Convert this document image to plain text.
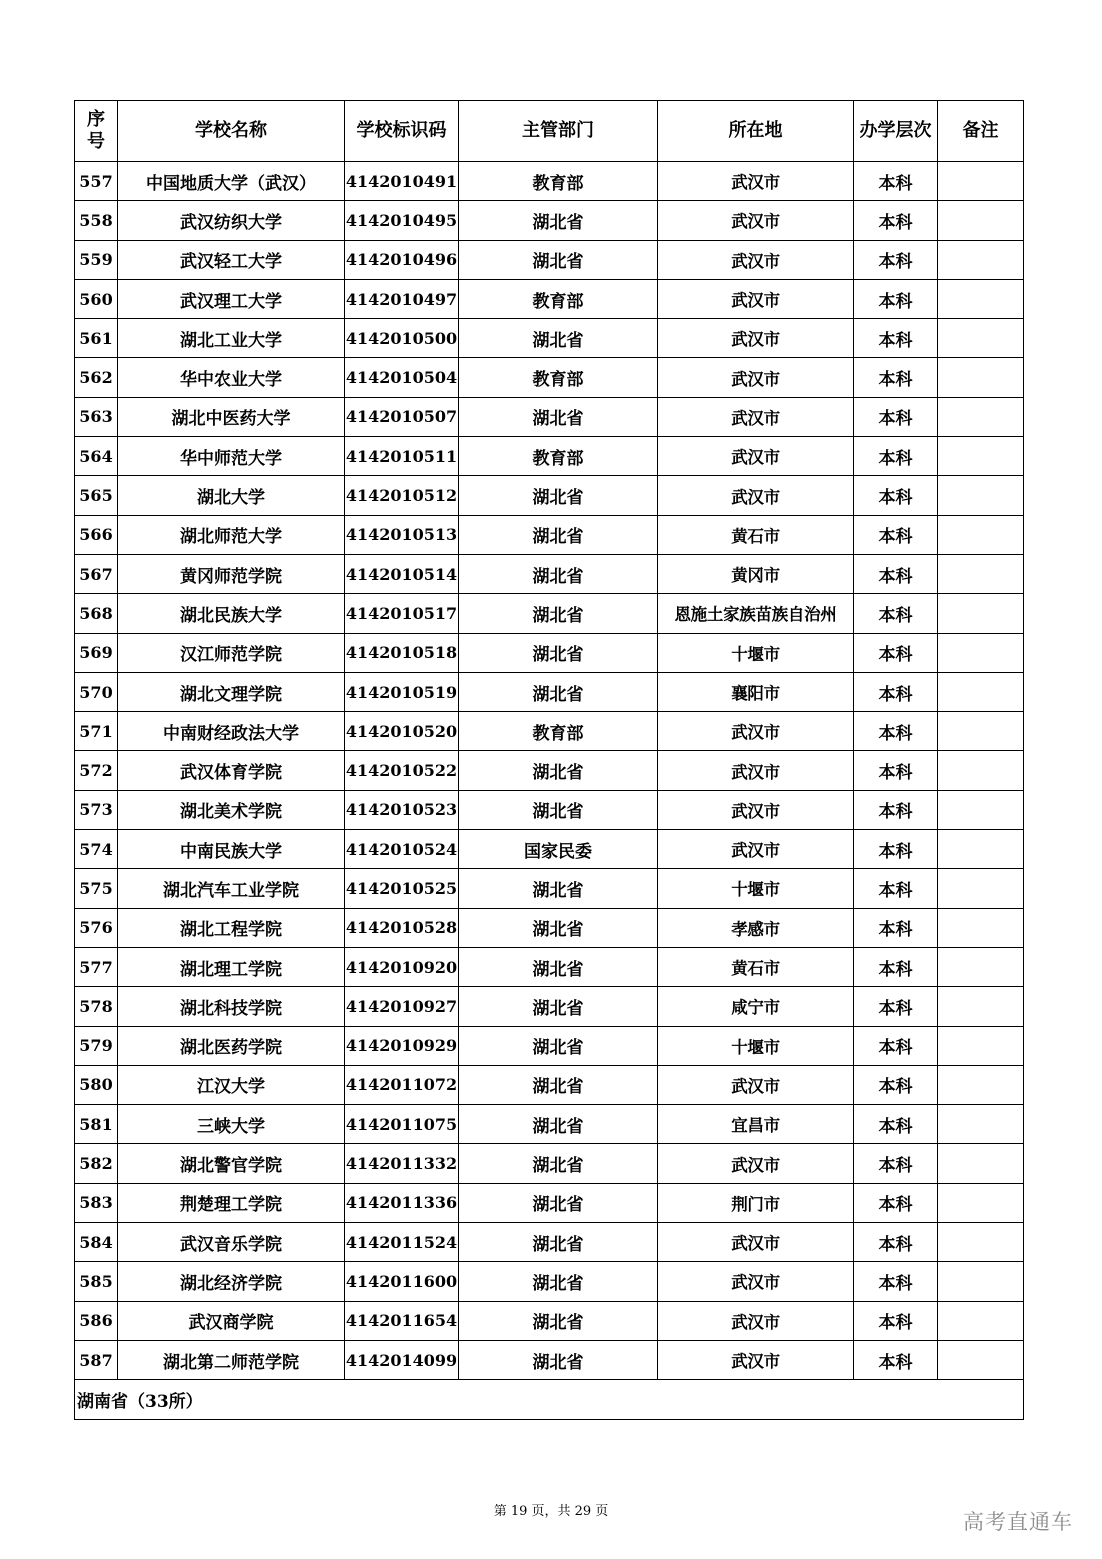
序
号	学校名称	学校标识码	主管部门	所在地	办学层次	备注
557	中国地质大学（武汉）	4142010491	教育部	武汉市	本科	
558	武汉纺织大学	4142010495	湖北省	武汉市	本科	
559	武汉轻工大学	4142010496	湖北省	武汉市	本科	
560	武汉理工大学	4142010497	教育部	武汉市	本科	
561	湖北工业大学	4142010500	湖北省	武汉市	本科	
562	华中农业大学	4142010504	教育部	武汉市	本科	
563	湖北中医药大学	4142010507	湖北省	武汉市	本科	
564	华中师范大学	4142010511	教育部	武汉市	本科	
565	湖北大学	4142010512	湖北省	武汉市	本科	
566	湖北师范大学	4142010513	湖北省	黄石市	本科	
567	黄冈师范学院	4142010514	湖北省	黄冈市	本科	
568	湖北民族大学	4142010517	湖北省	恩施土家族苗族自治州	本科	
569	汉江师范学院	4142010518	湖北省	十堰市	本科	
570	湖北文理学院	4142010519	湖北省	襄阳市	本科	
571	中南财经政法大学	4142010520	教育部	武汉市	本科	
572	武汉体育学院	4142010522	湖北省	武汉市	本科	
573	湖北美术学院	4142010523	湖北省	武汉市	本科	
574	中南民族大学	4142010524	国家民委	武汉市	本科	
575	湖北汽车工业学院	4142010525	湖北省	十堰市	本科	
576	湖北工程学院	4142010528	湖北省	孝感市	本科	
577	湖北理工学院	4142010920	湖北省	黄石市	本科	
578	湖北科技学院	4142010927	湖北省	咸宁市	本科	
579	湖北医药学院	4142010929	湖北省	十堰市	本科	
580	江汉大学	4142011072	湖北省	武汉市	本科	
581	三峡大学	4142011075	湖北省	宜昌市	本科	
582	湖北警官学院	4142011332	湖北省	武汉市	本科	
583	荆楚理工学院	4142011336	湖北省	荆门市	本科	
584	武汉音乐学院	4142011524	湖北省	武汉市	本科	
585	湖北经济学院	4142011600	湖北省	武汉市	本科	
586	武汉商学院	4142011654	湖北省	武汉市	本科	
587	湖北第二师范学院	4142014099	湖北省	武汉市	本科	
湖南省（33所）						
第 19 页，共 29 页	高考直通车
